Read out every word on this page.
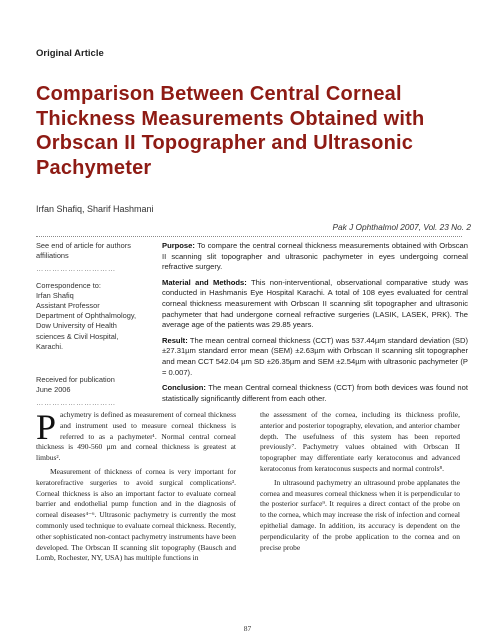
Original Article
Comparison Between Central Corneal Thickness Measurements Obtained with Orbscan II Topographer and Ultrasonic Pachymeter
Irfan Shafiq, Sharif Hashmani
Pak J Ophthalmol 2007, Vol. 23 No. 2
See end of article for authors affiliations
…………………………
Correspondence to:
Irfan Shafiq
Assistant Professor
Department of Ophthalmology,
Dow University of Health sciences & Civil Hospital, Karachi.
Received for publication
June 2006
…………………………

Purpose: To compare the central corneal thickness measurements obtained with Orbscan II scanning slit topographer and ultrasonic pachymeter in eyes undergoing corneal refractive surgery.

Material and Methods: This non-interventional, observational comparative study was conducted in Hashmanis Eye Hospital Karachi. A total of 108 eyes evaluated for central corneal thickness measurement with Orbscan II scanning slit topographer and ultrasonic pachymeter that had undergone corneal refractive surgeries (LASIK, LASEK, PRK). The average age of the patients was 29.85 years.

Result: The mean central corneal thickness (CCT) was 537.44µm standard deviation (SD) ±27.31µm standard error mean (SEM) ±2.63µm with Orbscan II scanning slit topographer and mean CCT 542.04 µm SD ±26.35µm and SEM ±2.54µm with ultrasonic pachymeter (P = 0.007).

Conclusion: The mean Central corneal thickness (CCT) from both devices was found not statistically significantly different from each other.

Pachymetry is defined as measurement of corneal thickness and instrument used to measure corneal thickness is referred to as a pachymeter¹. Normal central corneal thickness is 490-560 µm and corneal thickness is greatest at limbus².

Measurement of thickness of cornea is very important for keratorefractive surgeries to avoid surgical complications³. Corneal thickness is also an important factor to evaluate corneal barrier and endothelial pump function and in the diagnosis of corneal diseases⁴⁻⁶. Ultrasonic pachymetry is currently the most commonly used technique to evaluate corneal thickness. Recently, other sophisticated non-contact pachymetry instruments have been developed. The Orbscan II scanning slit topography (Bausch and Lomb, Rochester, NY, USA) has multiple functions in

the assessment of the cornea, including its thickness profile, anterior and posterior topography, elevation, and anterior chamber depth. The usefulness of this system has been reported previously⁷. Pachymetry values obtained with Orbscan II topographer may differentiate early keratoconus and advanced keratoconus from keratoconus suspects and normal controls⁸.

In ultrasound pachymetry an ultrasound probe applanates the cornea and measures corneal thickness when it is perpendicular to the posterior surface⁹. It requires a direct contact of the probe on to the cornea, which may increase the risk of infection and corneal epithelial damage. In addition, its accuracy is dependent on the perpendicularity of the probe application to the cornea and on precise probe

87
